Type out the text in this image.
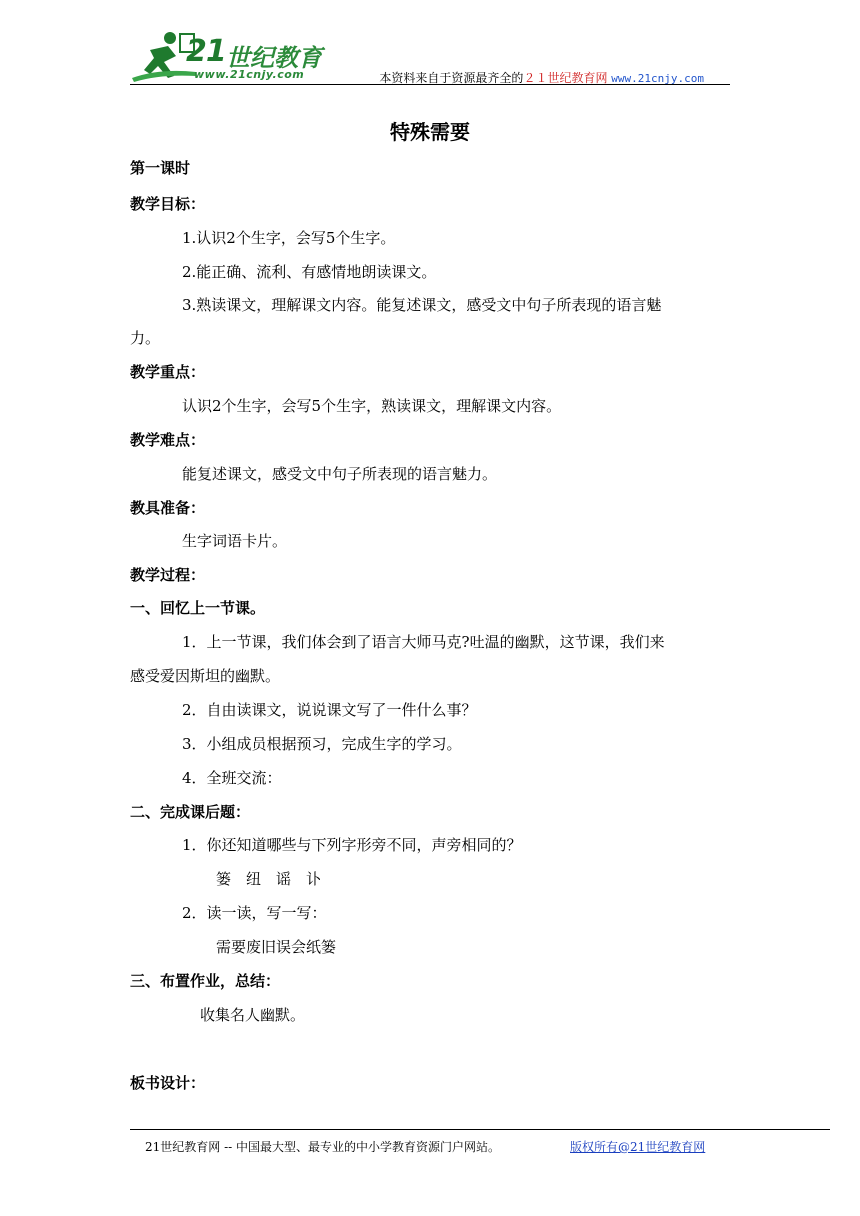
21 世纪教育
www.21cnjy.com	本资料来自于资源最齐全的２１世纪教育网 www.21cnjy.com
特殊需要
第一课时
教学目标：
1.认识2个生字，会写5个生字。
2.能正确、流利、有感情地朗读课文。
3.熟读课文，理解课文内容。能复述课文，感受文中句子所表现的语言魅
力。
教学重点：
认识2个生字，会写5个生字，熟读课文，理解课文内容。
教学难点：
能复述课文，感受文中句子所表现的语言魅力。
教具准备：
生字词语卡片。
教学过程：
一、回忆上一节课。
1．上一节课，我们体会到了语言大师马克?吐温的幽默，这节课，我们来
感受爱因斯坦的幽默。
2．自由读课文，说说课文写了一件什么事？
3．小组成员根据预习，完成生字的学习。
4．全班交流：
二、完成课后题：
1．你还知道哪些与下列字形旁不同，声旁相同的？
篓　纽　谣　讣
2．读一读，写一写：
需要废旧误会纸篓
三、布置作业，总结：
收集名人幽默。
板书设计：
21世纪教育网 -- 中国最大型、最专业的中小学教育资源门户网站。	版权所有@21世纪教育网
